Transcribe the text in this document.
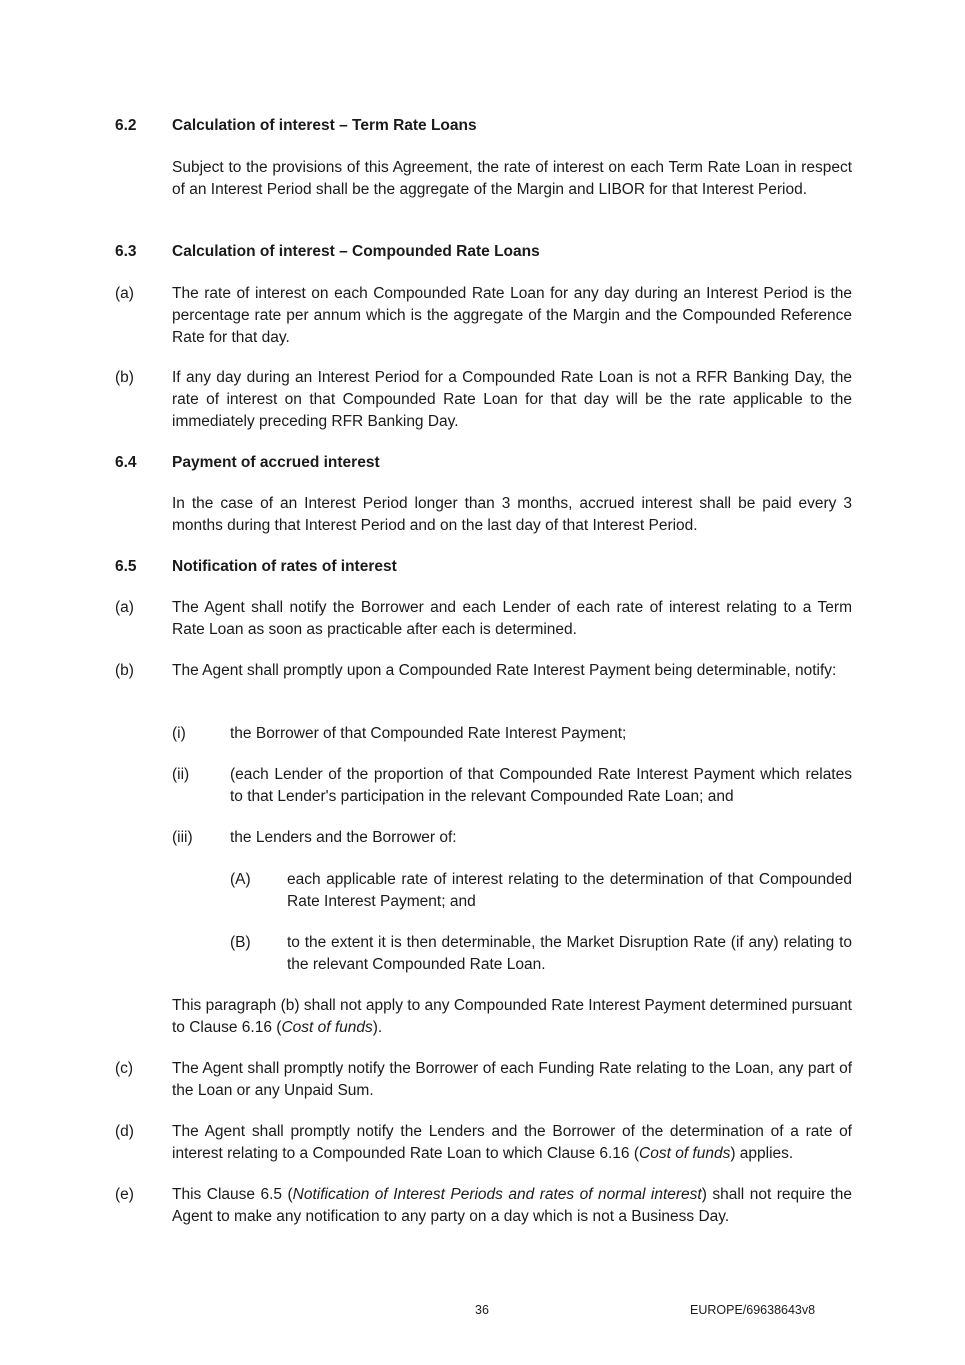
6.2 Calculation of interest – Term Rate Loans
Subject to the provisions of this Agreement, the rate of interest on each Term Rate Loan in respect of an Interest Period shall be the aggregate of the Margin and LIBOR for that Interest Period.
6.3 Calculation of interest – Compounded Rate Loans
(a) The rate of interest on each Compounded Rate Loan for any day during an Interest Period is the percentage rate per annum which is the aggregate of the Margin and the Compounded Reference Rate for that day.
(b) If any day during an Interest Period for a Compounded Rate Loan is not a RFR Banking Day, the rate of interest on that Compounded Rate Loan for that day will be the rate applicable to the immediately preceding RFR Banking Day.
6.4 Payment of accrued interest
In the case of an Interest Period longer than 3 months, accrued interest shall be paid every 3 months during that Interest Period and on the last day of that Interest Period.
6.5 Notification of rates of interest
(a) The Agent shall notify the Borrower and each Lender of each rate of interest relating to a Term Rate Loan as soon as practicable after each is determined.
(b) The Agent shall promptly upon a Compounded Rate Interest Payment being determinable, notify:
(i)	the Borrower of that Compounded Rate Interest Payment;
(ii)	(each Lender of the proportion of that Compounded Rate Interest Payment which relates to that Lender's participation in the relevant Compounded Rate Loan; and
(iii) the Lenders and the Borrower of:
(A) each applicable rate of interest relating to the determination of that Compounded Rate Interest Payment; and
(B) to the extent it is then determinable, the Market Disruption Rate (if any) relating to the relevant Compounded Rate Loan.
This paragraph (b) shall not apply to any Compounded Rate Interest Payment determined pursuant to Clause 6.16 (Cost of funds).
(c)	The Agent shall promptly notify the Borrower of each Funding Rate relating to the Loan, any part of the Loan or any Unpaid Sum.
(d) The Agent shall promptly notify the Lenders and the Borrower of the determination of a rate of interest relating to a Compounded Rate Loan to which Clause 6.16 (Cost of funds) applies.
(e) This Clause 6.5 (Notification of Interest Periods and rates of normal interest) shall not require the Agent to make any notification to any party on a day which is not a Business Day.
36	EUROPE/69638643v8
